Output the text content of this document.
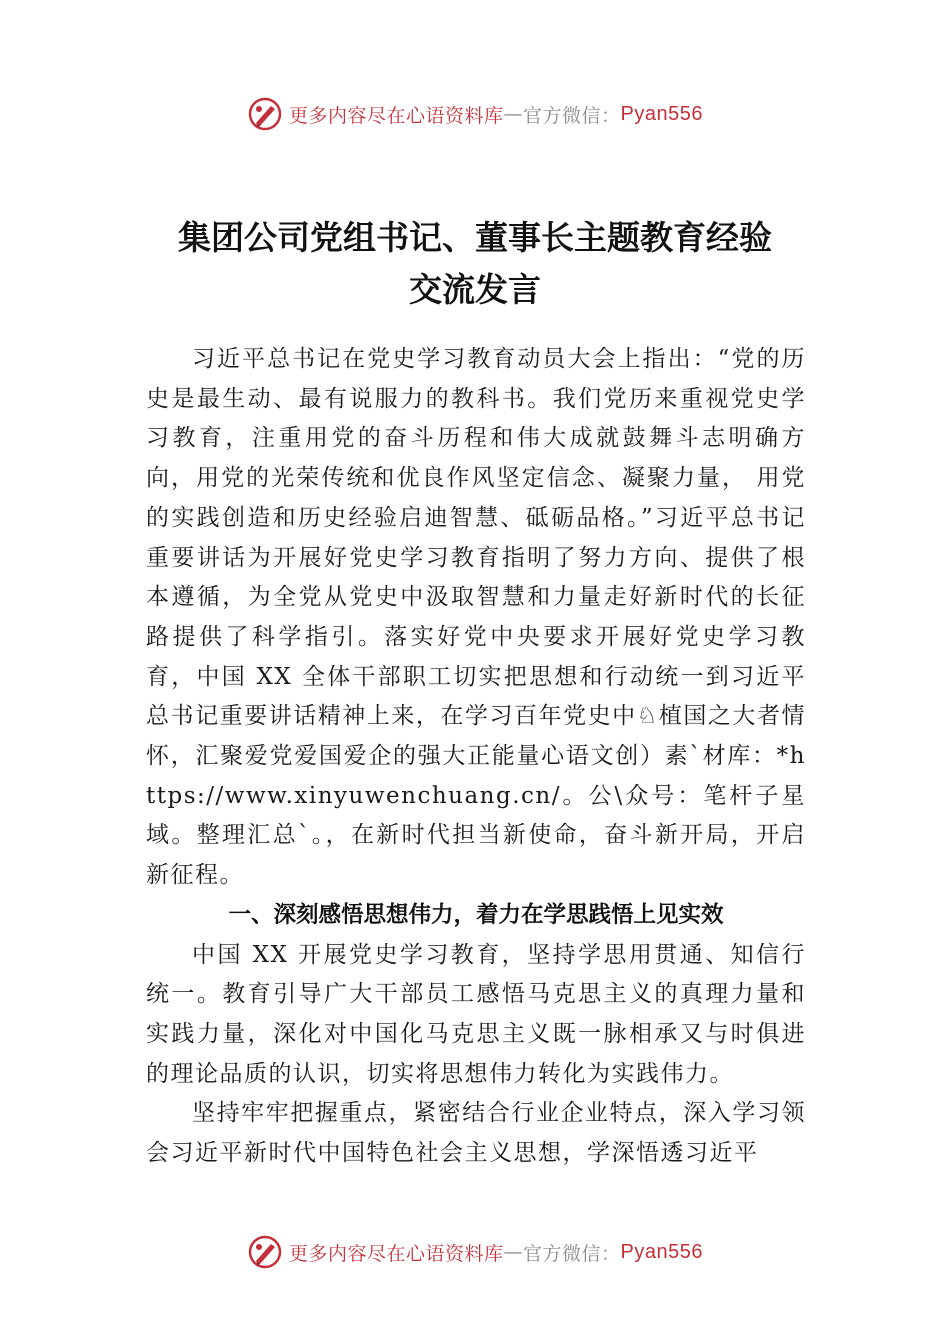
更多内容尽在心语资料库 — 官方微信： Pyan556
集团公司党组书记、董事长主题教育经验
交流发言

习近平总书记在党史学习教育动员大会上指出：“党的历史是最生动、最有说服力的教科书。我们党历来重视党史学习教育，注重用党的奋斗历程和伟大成就鼓舞斗志明确方向，用党的光荣传统和优良作风坚定信念、凝聚力量， 用党的实践创造和历史经验启迪智慧、砥砺品格。”习近平总书记重要讲话为开展好党史学习教育指明了努力方向、提供了根本遵循，为全党从党史中汲取智慧和力量走好新时代的长征路提供了科学指引。落实好党中央要求开展好党史学习教育，中国 XX 全体干部职工切实把思想和行动统一到习近平总书记重要讲话精神上来，在学习百年党史中♘植国之大者情怀，汇聚爱党爱国爱企的强大正能量心语文创）素`材库：*https://www.xinyuwenchuang.cn/。公\众号：笔杆子星域。整理汇总`。，在新时代担当新使命，奋斗新开局，开启新征程。

一、深刻感悟思想伟力，着力在学思践悟上见实效

中国 XX 开展党史学习教育，坚持学思用贯通、知信行统一。教育引导广大干部员工感悟马克思主义的真理力量和实践力量，深化对中国化马克思主义既一脉相承又与时俱进的理论品质的认识，切实将思想伟力转化为实践伟力。

坚持牢牢把握重点，紧密结合行业企业特点，深入学习领会习近平新时代中国特色社会主义思想，学深悟透习近平

更多内容尽在心语资料库 — 官方微信： Pyan556
